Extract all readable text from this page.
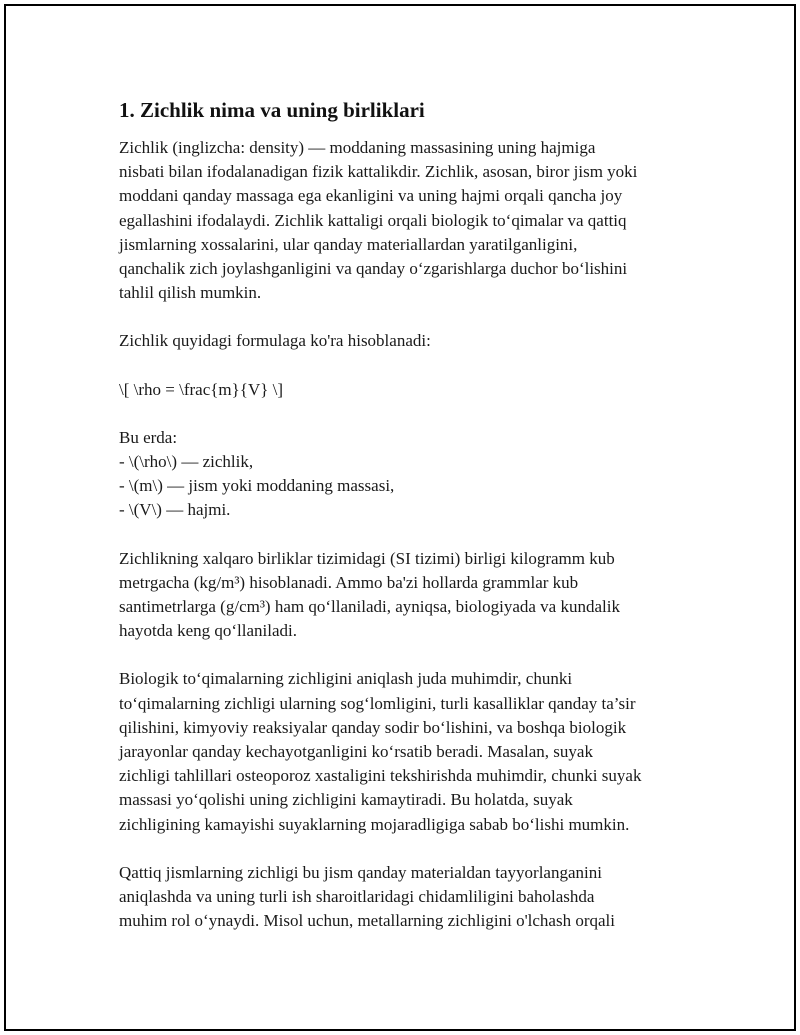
1. Zichlik nima va uning birliklari
Zichlik (inglizcha: density) — moddaning massasining uning hajmiga
nisbati bilan ifodalanadigan fizik kattalikdir. Zichlik, asosan, biror jism yoki
moddani qanday massaga ega ekanligini va uning hajmi orqali qancha joy
egallashini ifodalaydi. Zichlik kattaligi orqali biologik to‘qimalar va qattiq
jismlarning xossalarini, ular qanday materiallardan yaratilganligini,
qanchalik zich joylashganligini va qanday o‘zgarishlarga duchor bo‘lishini
tahlil qilish mumkin.
Zichlik quyidagi formulaga ko'ra hisoblanadi:
\[ \rho = \frac{m}{V} \]
Bu erda:
- \(\rho\) — zichlik,
- \(m\) — jism yoki moddaning massasi,
- \(V\) — hajmi.
Zichlikning xalqaro birliklar tizimidagi (SI tizimi) birligi kilogramm kub
metrgacha (kg/m³) hisoblanadi. Ammo ba'zi hollarda grammlar kub
santimetrlarga (g/cm³) ham qo‘llaniladi, ayniqsa, biologiyada va kundalik
hayotda keng qo‘llaniladi.
Biologik to‘qimalarning zichligini aniqlash juda muhimdir, chunki
to‘qimalarning zichligi ularning sog‘lomligini, turli kasalliklar qanday ta’sir
qilishini, kimyoviy reaksiyalar qanday sodir bo‘lishini, va boshqa biologik
jarayonlar qanday kechayotganligini ko‘rsatib beradi. Masalan, suyak
zichligi tahlillari osteoporoz xastaligini tekshirishda muhimdir, chunki suyak
massasi yo‘qolishi uning zichligini kamaytiradi. Bu holatda, suyak
zichligining kamayishi suyaklarning mojaradligiga sabab bo‘lishi mumkin.
Qattiq jismlarning zichligi bu jism qanday materialdan tayyorlanganini
aniqlashda va uning turli ish sharoitlaridagi chidamliligini baholashda
muhim rol o‘ynaydi. Misol uchun, metallarning zichligini o'lchash orqali
